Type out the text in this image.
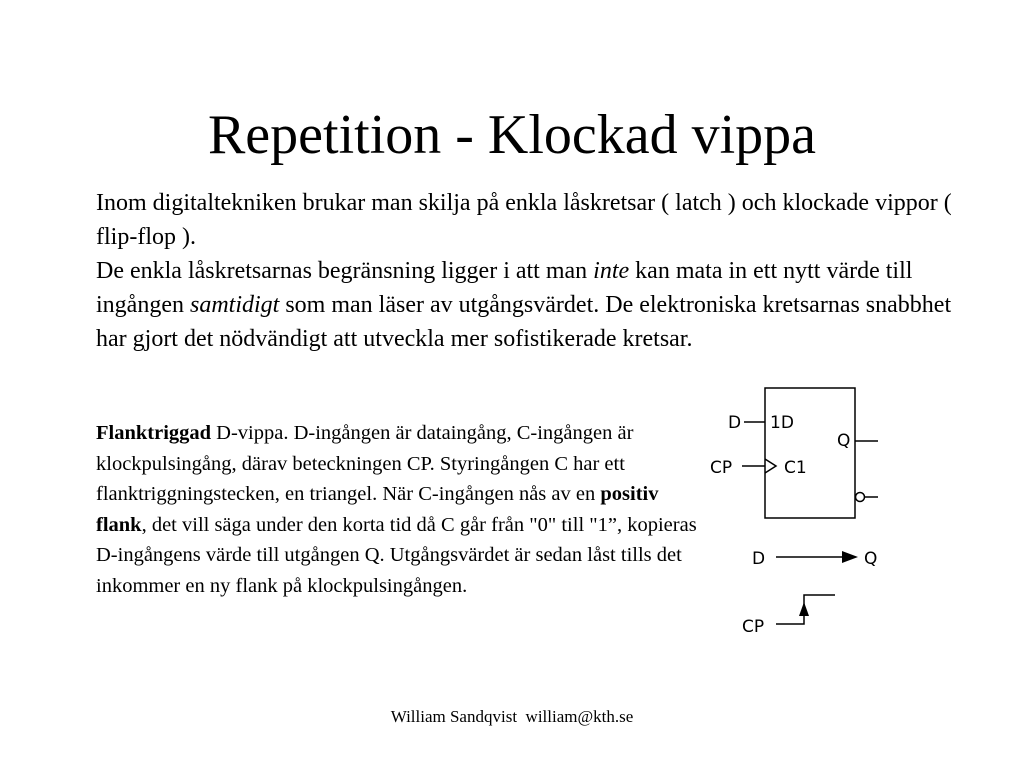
Repetition - Klockad vippa

Inom digitaltekniken brukar man skilja på enkla låskretsar ( latch ) och klockade vippor ( flip-flop ).

De enkla låskretsarnas begränsning ligger i att man inte kan mata in ett nytt värde till ingången samtidigt som man läser av utgångsvärdet. De elektroniska kretsarnas snabbhet har gjort det nödvändigt att utveckla mer sofistikerade kretsar.

Flanktriggad D-vippa. D-ingången är dataingång, C-ingången är klockpulsingång, därav beteckningen CP. Styringången C har ett flanktriggningstecken, en triangel. När C-ingången nås av en positiv flank, det vill säga under den korta tid då C går från "0" till "1”, kopieras D-ingångens värde till utgången Q. Utgångsvärdet är sedan låst tills det inkommer en ny flank på klockpulsingången.

D 1D
Q
CP	C1
D	Q
CP
William Sandqvist  william@kth.se
